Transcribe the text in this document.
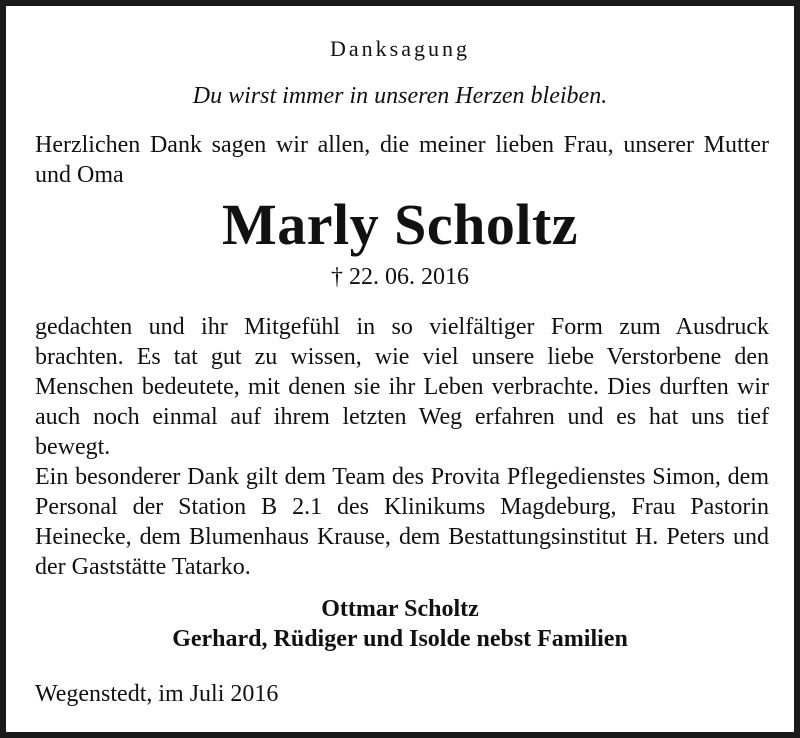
Danksagung
Du wirst immer in unseren Herzen bleiben.

Herzlichen Dank sagen wir allen, die meiner lieben Frau, unserer Mutter und Oma

Marly Scholtz
† 22. 06. 2016

gedachten und ihr Mitgefühl in so vielfältiger Form zum Ausdruck brachten. Es tat gut zu wissen, wie viel unsere liebe Verstorbene den Menschen bedeutete, mit denen sie ihr Leben verbrachte. Dies durften wir auch noch einmal auf ihrem letzten Weg erfahren und es hat uns tief bewegt.

Ein besonderer Dank gilt dem Team des Provita Pflegedienstes Simon, dem Personal der Station B 2.1 des Klinikums Magdeburg, Frau Pastorin Heinecke, dem Blumenhaus Krause, dem Bestattungsinstitut H. Peters und der Gaststätte Tatarko.

Ottmar Scholtz
Gerhard, Rüdiger und Isolde nebst Familien
Wegenstedt, im Juli 2016
